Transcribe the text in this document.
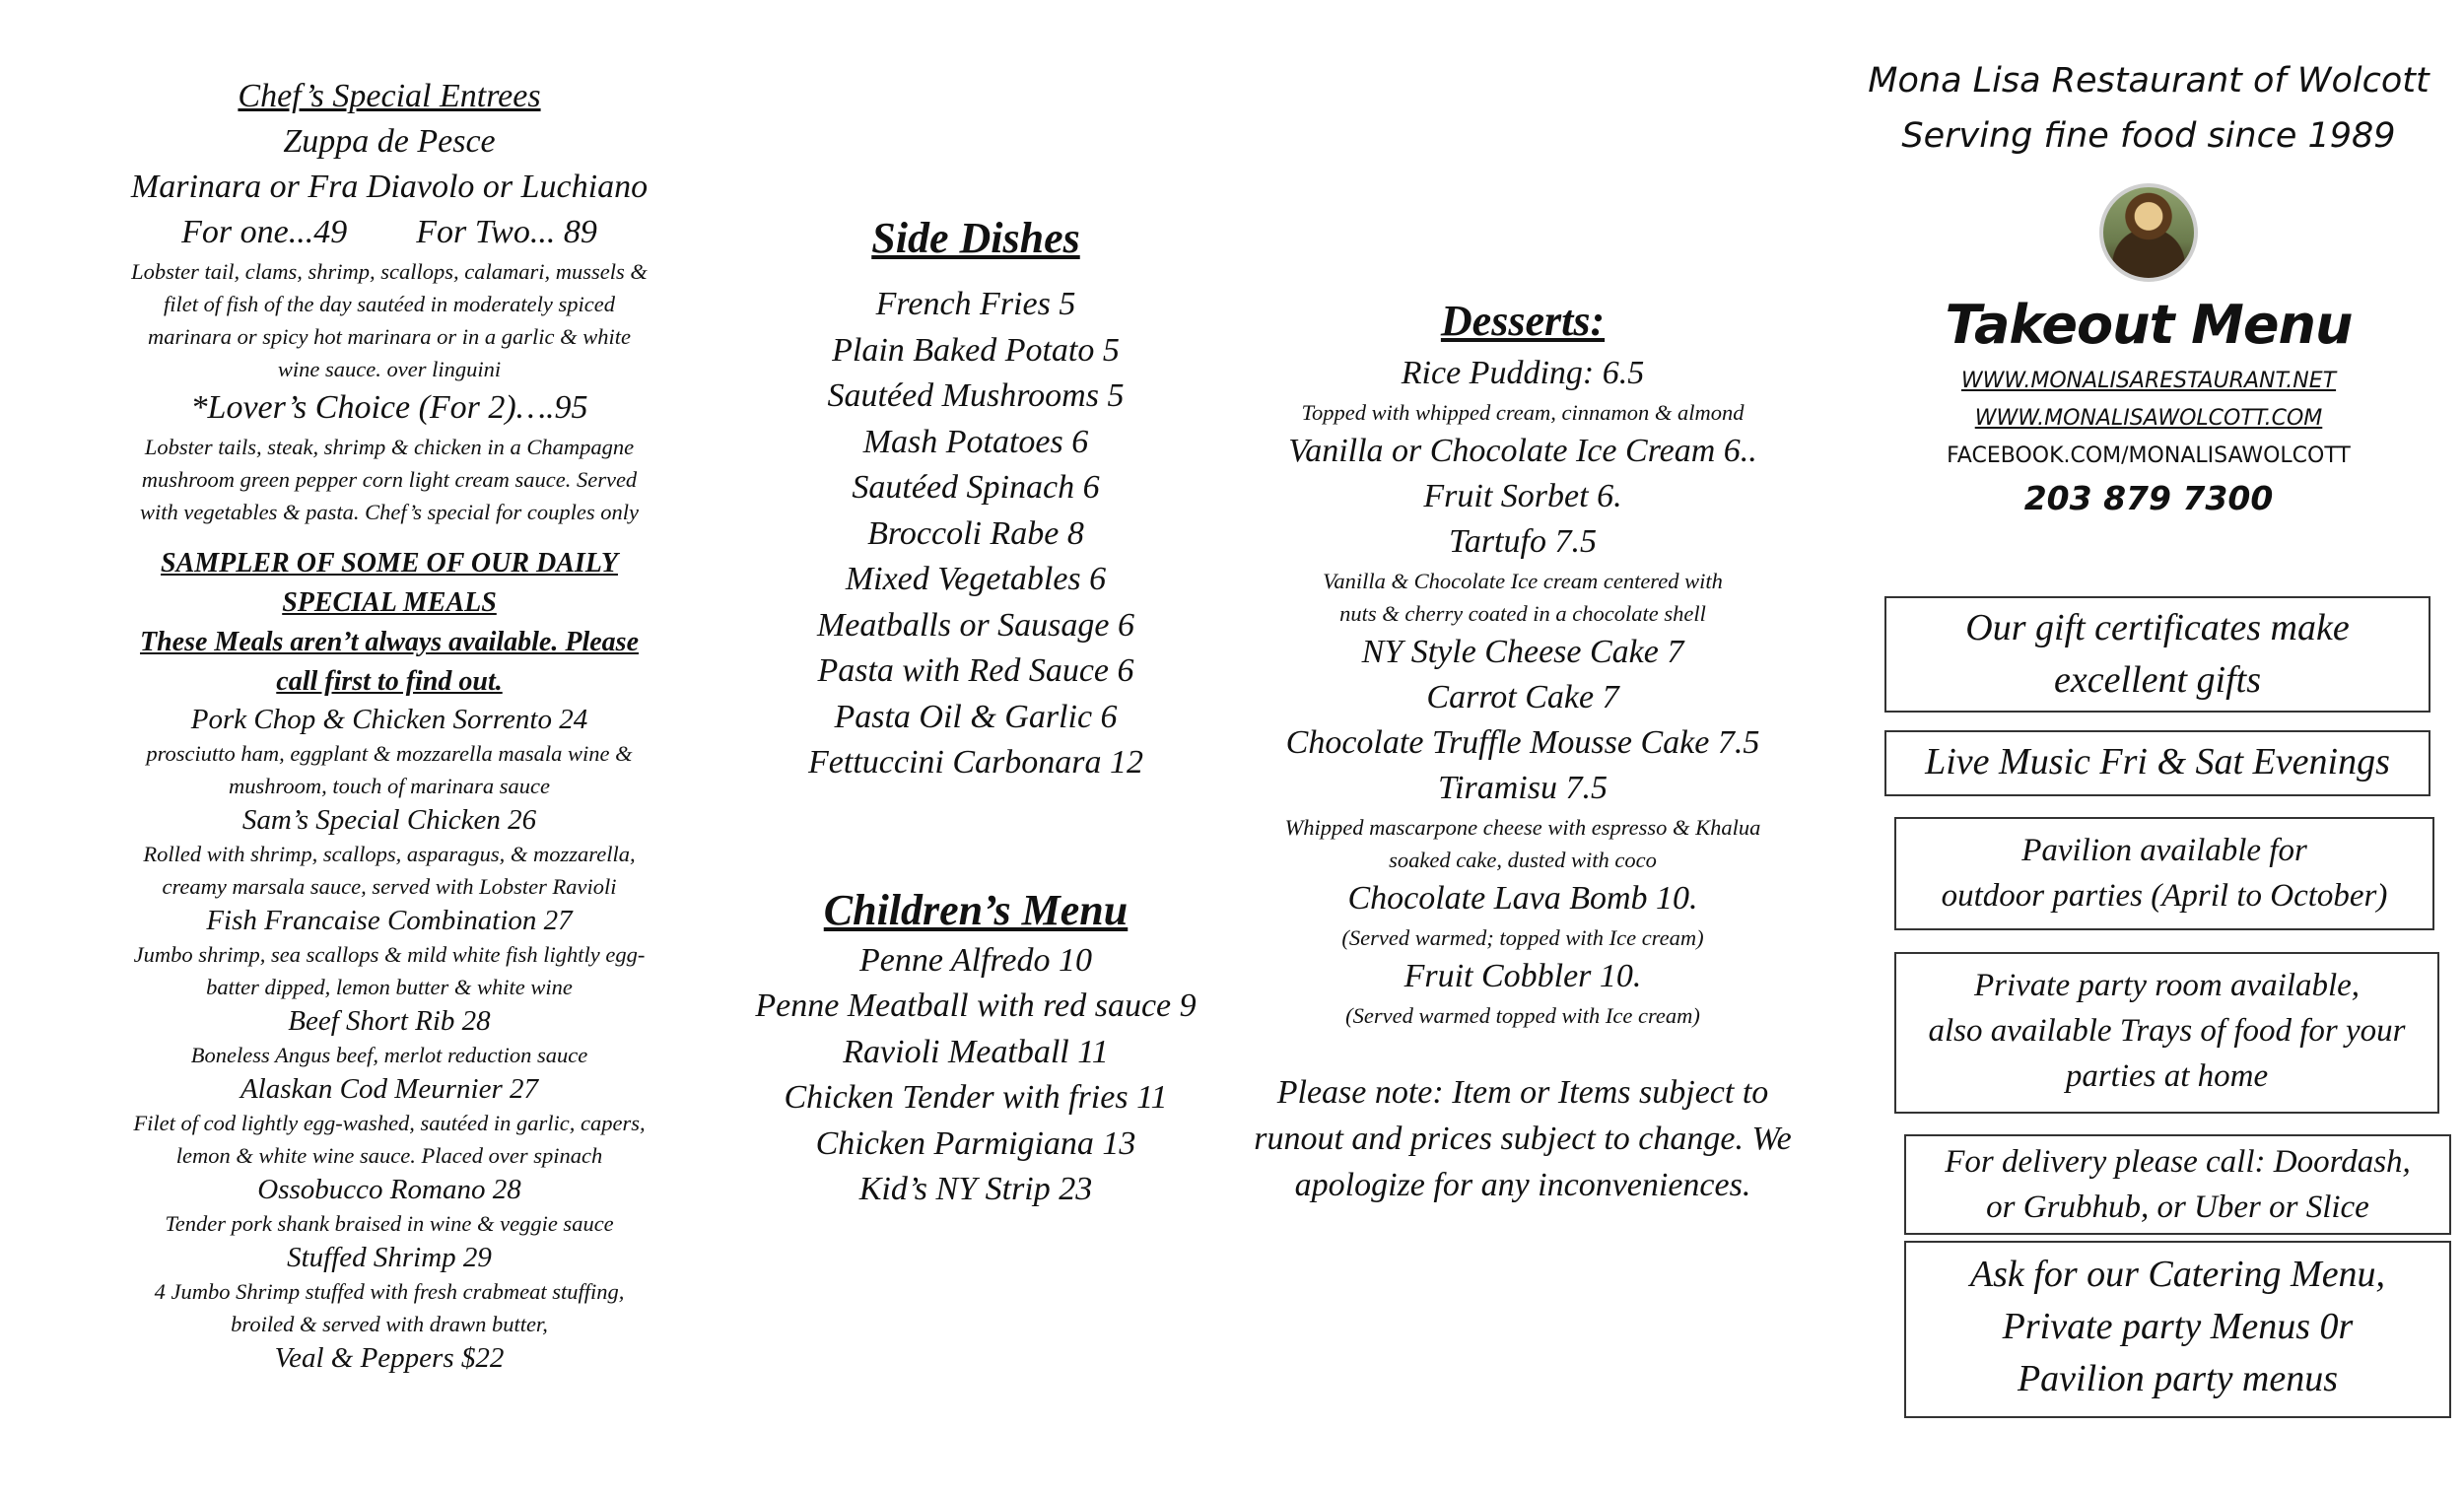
Chef’s Special Entrees
Zuppa de Pesce
Marinara or Fra Diavolo or Luchiano
For one...49 For Two... 89
Lobster tail, clams, shrimp, scallops, calamari, mussels &
filet of fish of the day sautéed in moderately spiced
marinara or spicy hot marinara or in a garlic & white
wine sauce. over linguini
*Lover’s Choice (For 2)….95
Lobster tails, steak, shrimp & chicken in a Champagne
mushroom green pepper corn light cream sauce. Served
with vegetables & pasta. Chef’s special for couples only
SAMPLER OF SOME OF OUR DAILY
SPECIAL MEALS
These Meals aren’t always available. Please
call first to find out.
Pork Chop & Chicken Sorrento 24
prosciutto ham, eggplant & mozzarella masala wine &
mushroom, touch of marinara sauce
Sam’s Special Chicken 26
Rolled with shrimp, scallops, asparagus, & mozzarella,
creamy marsala sauce, served with Lobster Ravioli
Fish Francaise Combination 27
Jumbo shrimp, sea scallops & mild white fish lightly egg-
batter dipped, lemon butter & white wine
Beef Short Rib 28
Boneless Angus beef, merlot reduction sauce
Alaskan Cod Meurnier 27
Filet of cod lightly egg-washed, sautéed in garlic, capers,
lemon & white wine sauce. Placed over spinach
Ossobucco Romano 28
Tender pork shank braised in wine & veggie sauce
Stuffed Shrimp 29
4 Jumbo Shrimp stuffed with fresh crabmeat stuffing,
broiled & served with drawn butter,
Veal & Peppers $22
Side Dishes
French Fries 5
Plain Baked Potato 5
Sautéed Mushrooms 5
Mash Potatoes 6
Sautéed Spinach 6
Broccoli Rabe 8
Mixed Vegetables 6
Meatballs or Sausage 6
Pasta with Red Sauce 6
Pasta Oil & Garlic 6
Fettuccini Carbonara 12
Children’s Menu
Penne Alfredo 10
Penne Meatball with red sauce 9
Ravioli Meatball 11
Chicken Tender with fries 11
Chicken Parmigiana 13
Kid’s NY Strip 23
Desserts:
Rice Pudding: 6.5
Topped with whipped cream, cinnamon & almond
Vanilla or Chocolate Ice Cream 6..
Fruit Sorbet 6.
Tartufo 7.5
Vanilla & Chocolate Ice cream centered with
nuts & cherry coated in a chocolate shell
NY Style Cheese Cake 7
Carrot Cake 7
Chocolate Truffle Mousse Cake 7.5
Tiramisu 7.5
Whipped mascarpone cheese with espresso & Khalua
soaked cake, dusted with coco
Chocolate Lava Bomb 10.
(Served warmed; topped with Ice cream)
Fruit Cobbler 10.
(Served warmed topped with Ice cream)
Please note: Item or Items subject to
runout and prices subject to change. We
apologize for any inconveniences.
Mona Lisa Restaurant of Wolcott
Serving fine food since 1989
Takeout Menu
WWW.MONALISARESTAURANT.NET
WWW.MONALISAWOLCOTT.COM
FACEBOOK.COM/MONALISAWOLCOTT
203 879 7300
Our gift certificates make
excellent gifts
Live Music Fri & Sat Evenings
Pavilion available for
outdoor parties (April to October)
Private party room available,
also available Trays of food for your
parties at home
For delivery please call: Doordash,
or Grubhub, or Uber or Slice
Ask for our Catering Menu,
Private party Menus 0r
Pavilion party menus
